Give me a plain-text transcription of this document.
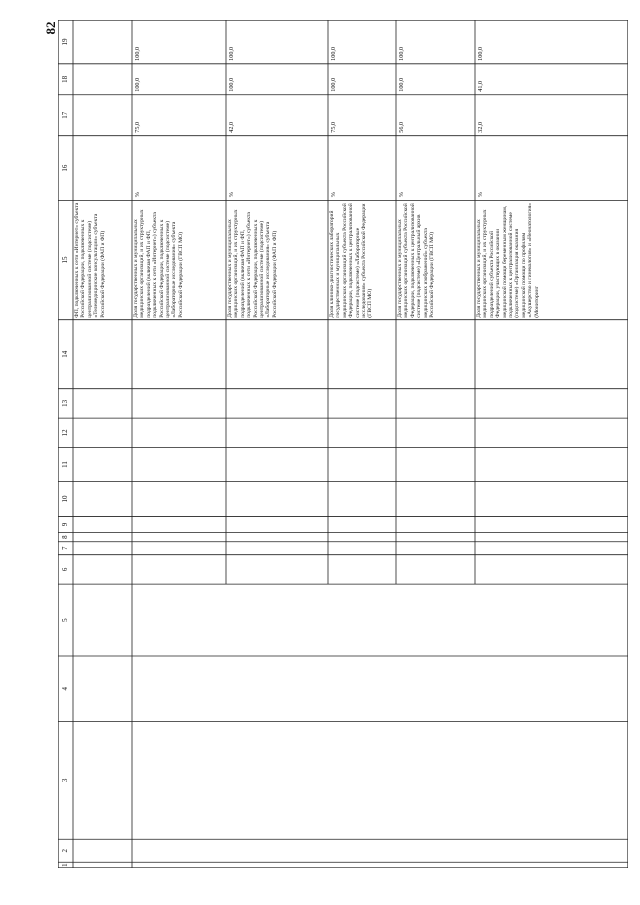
82
1
2
3
4
5
6
7
8
9
10
11
12
13
14
15
16
17
18
19
ФП, подключенных к сети «Интернет» субъекта Российской Федерации, подключенных к централизованной системе (подсистеме) «Телемедицинские консультации» субъекта Российской Федерации (ФАП и ФП)	Доля государственных и муниципальных медицинских организаций, и их структурных подразделений (включая ФАП и ФП, подключенных к сети «Интернет») субъекта Российской Федерации, подключенных к централизованной системе (подсистеме) «Лабораторные исследования» субъекта Российской Федерации (ГВСП МО)
%
75,0
100,0
100,0
Доля государственных и муниципальных медицинских организаций, и их структурных подразделений (включая ФАП и ФП, подключенных к сети «Интернет») субъекта Российской Федерации, подключенных к централизованной системе (подсистеме) «Лабораторные исследования» субъекта Российской Федерации (ФАП и ФП)
%
42,0
100,0
100,0
Доля клинико-диагностических лабораторий государственных и муниципальных медицинских организаций субъекта Российской Федерации, подключенных к централизованной системе (подсистеме) «Лабораторные исследования» субъекта Российской Федерации (ГВСП МО)
%
75,0
100,0
100,0
Доля государственных и муниципальных медицинских организаций субъекта Российской Федерации, подключенных к централизованной системе (подсистеме) «Центральный архив медицинских изображений» субъекта Российской Федерации (ГВСП МО)
%
56,0
100,0
100,0
Доля государственных и муниципальных медицинских организаций, и их структурных подразделений субъекта Российской Федерации, участвующих в оказании медицинской помощи беременным женщинам, подключенных к централизованной системе (подсистеме) «Организация оказания медицинской помощи по профилям «Акушерство и гинекология» и «Неонатология» (Мониторинг
%
32,0
41,0
100,0
